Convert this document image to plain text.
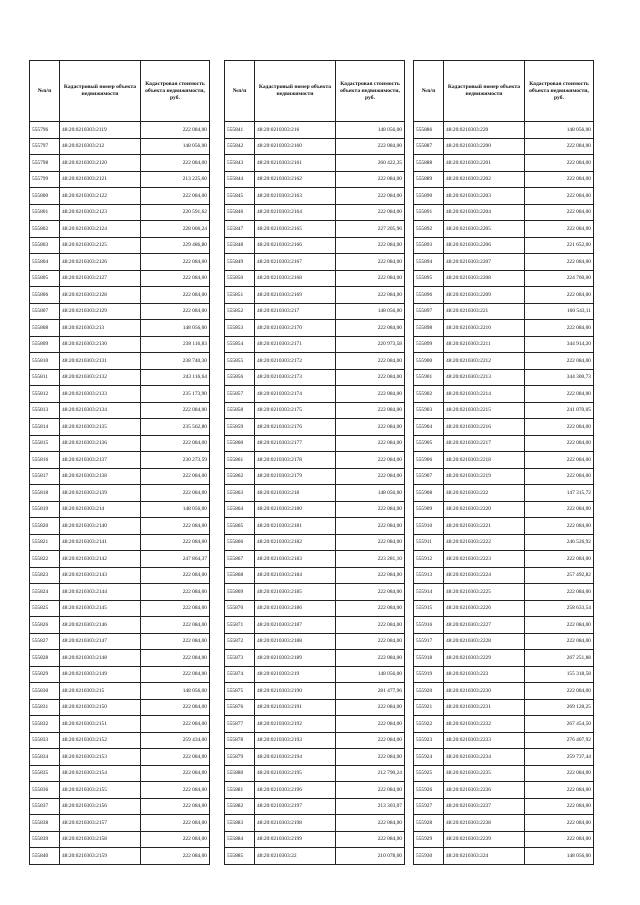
№п/п	Кадастровый номер объекта недвижимости	Кадастровая стоимость объекта недвижимости, руб.
555796	48:20:0210303:2119	222 084,00
555797	48:20:0210303:212	148 056,00
555798	48:20:0210303:2120	222 084,00
555799	48:20:0210303:2121	213 225,60
555800	48:20:0210303:2122	222 084,00
555801	48:20:0210303:2123	220 591,62
555802	48:20:0210303:2124	228 006,24
555803	48:20:0210303:2125	229 486,80
555804	48:20:0210303:2126	222 084,00
555805	48:20:0210303:2127	222 084,00
555806	48:20:0210303:2128	222 084,00
555807	48:20:0210303:2129	222 084,00
555808	48:20:0210303:213	148 056,00
555809	48:20:0210303:2130	238 116,83
555810	48:20:0210303:2131	238 740,30
555811	48:20:0210303:2132	243 116,64
555812	48:20:0210303:2133	235 173,90
555813	48:20:0210303:2134	222 084,00
555814	48:20:0210303:2135	235 562,80
555815	48:20:0210303:2136	222 084,00
555816	48:20:0210303:2137	230 273,59
555817	48:20:0210303:2138	222 084,00
555818	48:20:0210303:2139	222 084,00
555819	48:20:0210303:214	148 056,00
555820	48:20:0210303:2140	222 084,00
555821	48:20:0210303:2141	222 084,00
555822	48:20:0210303:2142	247 864,37
555823	48:20:0210303:2143	222 084,00
555824	48:20:0210303:2144	222 084,00
555825	48:20:0210303:2145	222 084,00
555826	48:20:0210303:2146	222 084,00
555827	48:20:0210303:2147	222 084,00
555828	48:20:0210303:2148	222 084,00
555829	48:20:0210303:2149	222 084,00
555830	48:20:0210303:215	148 056,00
555831	48:20:0210303:2150	222 084,00
555832	48:20:0210303:2151	222 084,00
555833	48:20:0210303:2152	259 434,00
555834	48:20:0210303:2153	222 084,00
555835	48:20:0210303:2154	222 084,00
555836	48:20:0210303:2155	222 084,00
555837	48:20:0210303:2156	222 084,00
555838	48:20:0210303:2157	222 084,00
555839	48:20:0210303:2158	222 084,00
555840	48:20:0210303:2159	222 084,00
№п/п	Кадастровый номер объекта недвижимости	Кадастровая стоимость объекта недвижимости, руб.
555841	48:20:0210303:216	148 056,00
555842	48:20:0210303:2160	222 084,00
555843	48:20:0210303:2161	260 422,35
555844	48:20:0210303:2162	222 084,00
555845	48:20:0210303:2163	222 084,00
555846	48:20:0210303:2164	222 084,00
555847	48:20:0210303:2165	227 205,96
555848	48:20:0210303:2166	222 084,00
555849	48:20:0210303:2167	222 084,00
555850	48:20:0210303:2168	222 084,00
555851	48:20:0210303:2169	222 084,00
555852	48:20:0210303:217	148 056,00
555853	48:20:0210303:2170	222 084,00
555854	48:20:0210303:2171	220 973,58
555855	48:20:0210303:2172	222 084,00
555856	48:20:0210303:2173	222 084,00
555857	48:20:0210303:2174	222 084,00
555858	48:20:0210303:2175	222 084,00
555859	48:20:0210303:2176	222 084,00
555860	48:20:0210303:2177	222 084,00
555861	48:20:0210303:2178	222 084,00
555862	48:20:0210303:2179	222 084,00
555863	48:20:0210303:218	148 056,00
555864	48:20:0210303:2180	222 084,00
555865	48:20:0210303:2181	222 084,00
555866	48:20:0210303:2182	222 084,00
555867	48:20:0210303:2183	223 281,10
555868	48:20:0210303:2184	222 084,00
555869	48:20:0210303:2185	222 084,00
555870	48:20:0210303:2186	222 084,00
555871	48:20:0210303:2187	222 084,00
555872	48:20:0210303:2188	222 084,00
555873	48:20:0210303:2189	222 084,00
555874	48:20:0210303:219	148 056,00
555875	48:20:0210303:2190	281 477,96
555876	48:20:0210303:2191	222 084,00
555877	48:20:0210303:2192	222 084,00
555878	48:20:0210303:2193	222 084,00
555879	48:20:0210303:2194	222 084,00
555880	48:20:0210303:2195	212 790,24
555881	48:20:0210303:2196	222 084,00
555882	48:20:0210303:2197	213 303,07
555883	48:20:0210303:2198	222 084,00
555884	48:20:0210303:2199	222 084,00
555885	48:20:0210303:22	210 078,00
№п/п	Кадастровый номер объекта недвижимости	Кадастровая стоимость объекта недвижимости, руб.
555886	48:20:0210303:220	148 056,00
555887	48:20:0210303:2200	222 084,00
555888	48:20:0210303:2201	222 084,00
555889	48:20:0210303:2202	222 084,00
555890	48:20:0210303:2203	222 084,00
555891	48:20:0210303:2204	222 084,00
555892	48:20:0210303:2205	222 084,00
555893	48:20:0210303:2206	221 652,00
555894	48:20:0210303:2207	222 084,00
555895	48:20:0210303:2208	224 760,00
555896	48:20:0210303:2209	222 084,00
555897	48:20:0210303:221	160 543,11
555898	48:20:0210303:2210	222 084,00
555899	48:20:0210303:2211	344 914,20
555900	48:20:0210303:2212	222 084,00
555901	48:20:0210303:2213	344 300,73
555902	48:20:0210303:2214	222 084,00
555903	48:20:0210303:2215	241 070,05
555904	48:20:0210303:2216	222 084,00
555905	48:20:0210303:2217	222 084,00
555906	48:20:0210303:2218	222 084,00
555907	48:20:0210303:2219	222 084,00
555908	48:20:0210303:222	147 315,72
555909	48:20:0210303:2220	222 084,00
555910	48:20:0210303:2221	222 084,00
555911	48:20:0210303:2222	246 526,92
555912	48:20:0210303:2223	222 084,00
555913	48:20:0210303:2224	257 492,82
555914	48:20:0210303:2225	222 084,00
555915	48:20:0210303:2226	258 633,54
555916	48:20:0210303:2227	222 084,00
555917	48:20:0210303:2228	222 084,00
555918	48:20:0210303:2229	267 251,88
555919	48:20:0210303:223	155 318,58
555920	48:20:0210303:2230	222 084,00
555921	48:20:0210303:2231	269 128,25
555922	48:20:0210303:2232	267 454,50
555923	48:20:0210303:2233	276 407,92
555924	48:20:0210303:2234	259 737,44
555925	48:20:0210303:2235	222 084,00
555926	48:20:0210303:2236	222 084,00
555927	48:20:0210303:2237	222 084,00
555928	48:20:0210303:2238	222 084,00
555929	48:20:0210303:2239	222 084,00
555930	48:20:0210303:224	148 056,00
